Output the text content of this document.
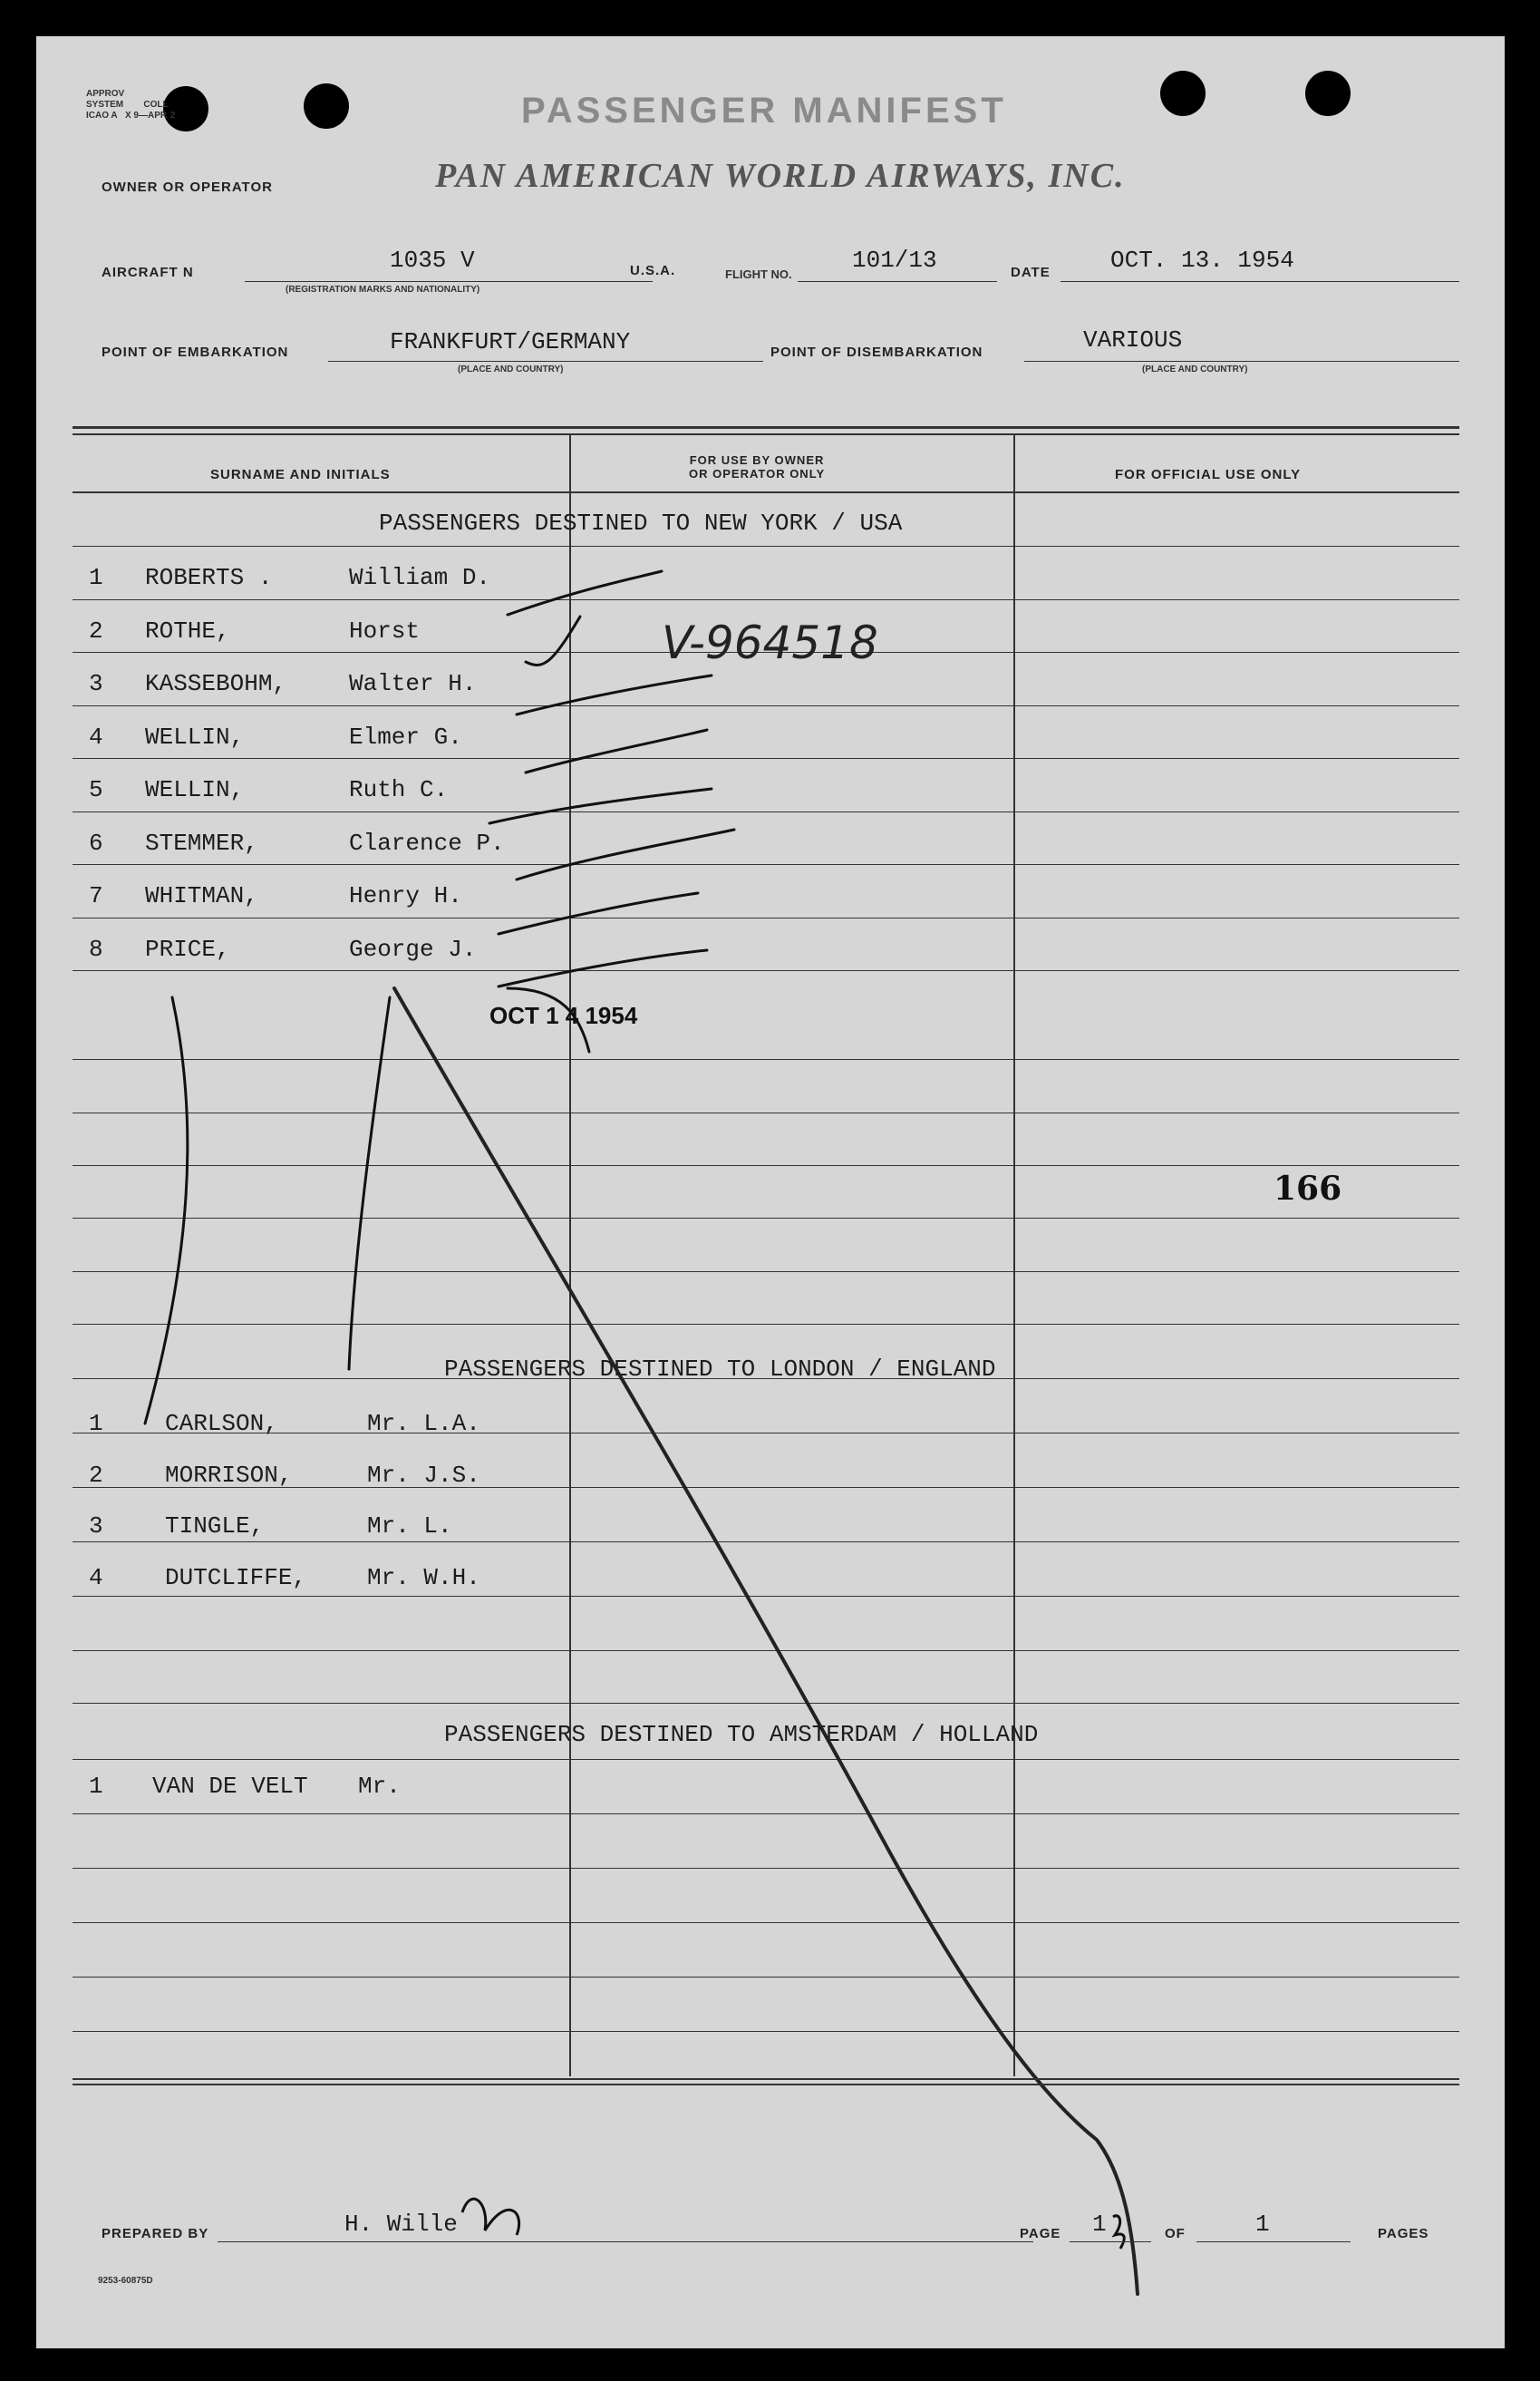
APPROV
SYSTEM COLL
ICAO A X 9—APP. 2	PASSENGER MANIFEST
OWNER OR OPERATOR	PAN AMERICAN WORLD AIRWAYS, INC.
AIRCRAFT N	1035 V
(REGISTRATION MARKS AND NATIONALITY)
U.S.A.	FLIGHT NO.
101/13	DATE	OCT. 13. 1954
POINT OF EMBARKATION	FRANKFURT/GERMANY
(PLACE AND COUNTRY)
POINT OF DISEMBARKATION	VARIOUS
(PLACE AND COUNTRY)
SURNAME AND INITIALS
FOR USE BY OWNER
OR OPERATOR ONLY	FOR OFFICIAL USE ONLY
PASSENGERS DESTINED TO NEW YORK / USA
1 ROBERTS .	William D.
2 ROTHE,	Horst
3 KASSEBOHM,	Walter H.
4 WELLIN,	Elmer G.
5 WELLIN,	Ruth C.
6 STEMMER,	Clarence P.
7 WHITMAN,	Henry H.
8 PRICE,	George J.
PASSENGERS DESTINED TO LONDON / ENGLAND
1	CARLSON,	Mr. L.A.
2	MORRISON,	Mr. J.S.
3	TINGLE,	Mr. L.
4	DUTCLIFFE,	Mr. W.H.
PASSENGERS DESTINED TO AMSTERDAM / HOLLAND
1 VAN DE VELT Mr.
V-964518
OCT 1 4 1954
166
PREPARED BY	H. Wille	PAGE 1	OF	1	PAGES
9253-60875D
